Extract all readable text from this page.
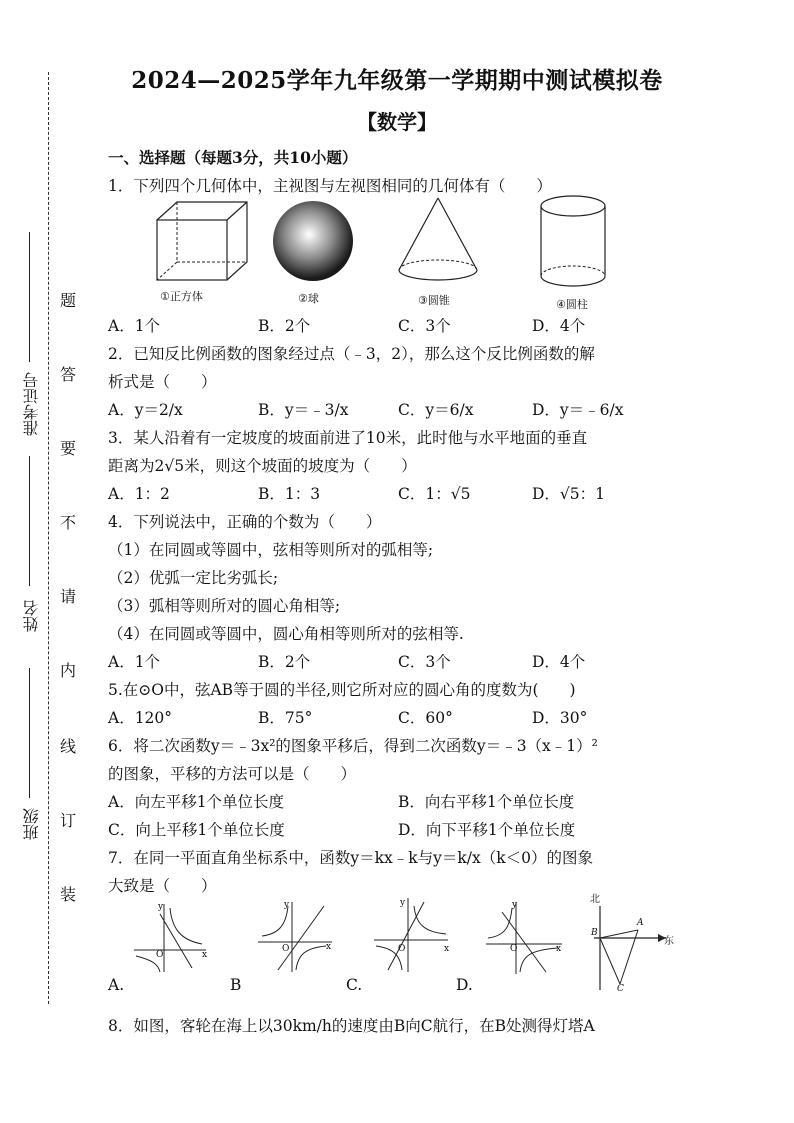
准考证号
姓名
班级
题
答
要
不
请
内
线
订
装
2024—2025学年九年级第一学期期中测试模拟卷
【数学】
一、选择题（每题3分，共10小题）
1．下列四个几何体中，主视图与左视图相同的几何体有（　　）
①正方体	②球	③圆锥	④圆柱
A．1个	B．2个	C．3个	D．4个
2．已知反比例函数的图象经过点（﹣3，2），那么这个反比例函数的解
析式是（　　）
A．y＝2/x	B．y＝﹣3/x	C．y＝6/x	D．y＝﹣6/x
3．某人沿着有一定坡度的坡面前进了10米，此时他与水平地面的垂直
距离为2√5米，则这个坡面的坡度为（　　）
A．1：2	B．1：3	C．1：√5	D．√5：1
4．下列说法中，正确的个数为（　　）
（1）在同圆或等圆中，弦相等则所对的弧相等;
（2）优弧一定比劣弧长;
（3）弧相等则所对的圆心角相等;
（4）在同圆或等圆中，圆心角相等则所对的弦相等.
A．1个	B．2个	C．3个	D．4个
5.在⊙O中，弦AB等于圆的半径,则它所对应的圆心角的度数为(　　)
A．120°	B．75°	C．60°	D．30°
6．将二次函数y＝﹣3x²的图象平移后，得到二次函数y＝﹣3（x﹣1）²
的图象，平移的方法可以是（　　）
A．向左平移1个单位长度	B．向右平移1个单位长度
C．向上平移1个单位长度	D．向下平移1个单位长度
7．在同一平面直角坐标系中，函数y＝kx﹣k与y＝k/x（k＜0）的图象
大致是（　　）
y
x
O
y
x
O
y
x
O
y
x
O
北
东
A
B
C
A.	B	C.	D.
8．如图，客轮在海上以30km/h的速度由B向C航行，在B处测得灯塔A
